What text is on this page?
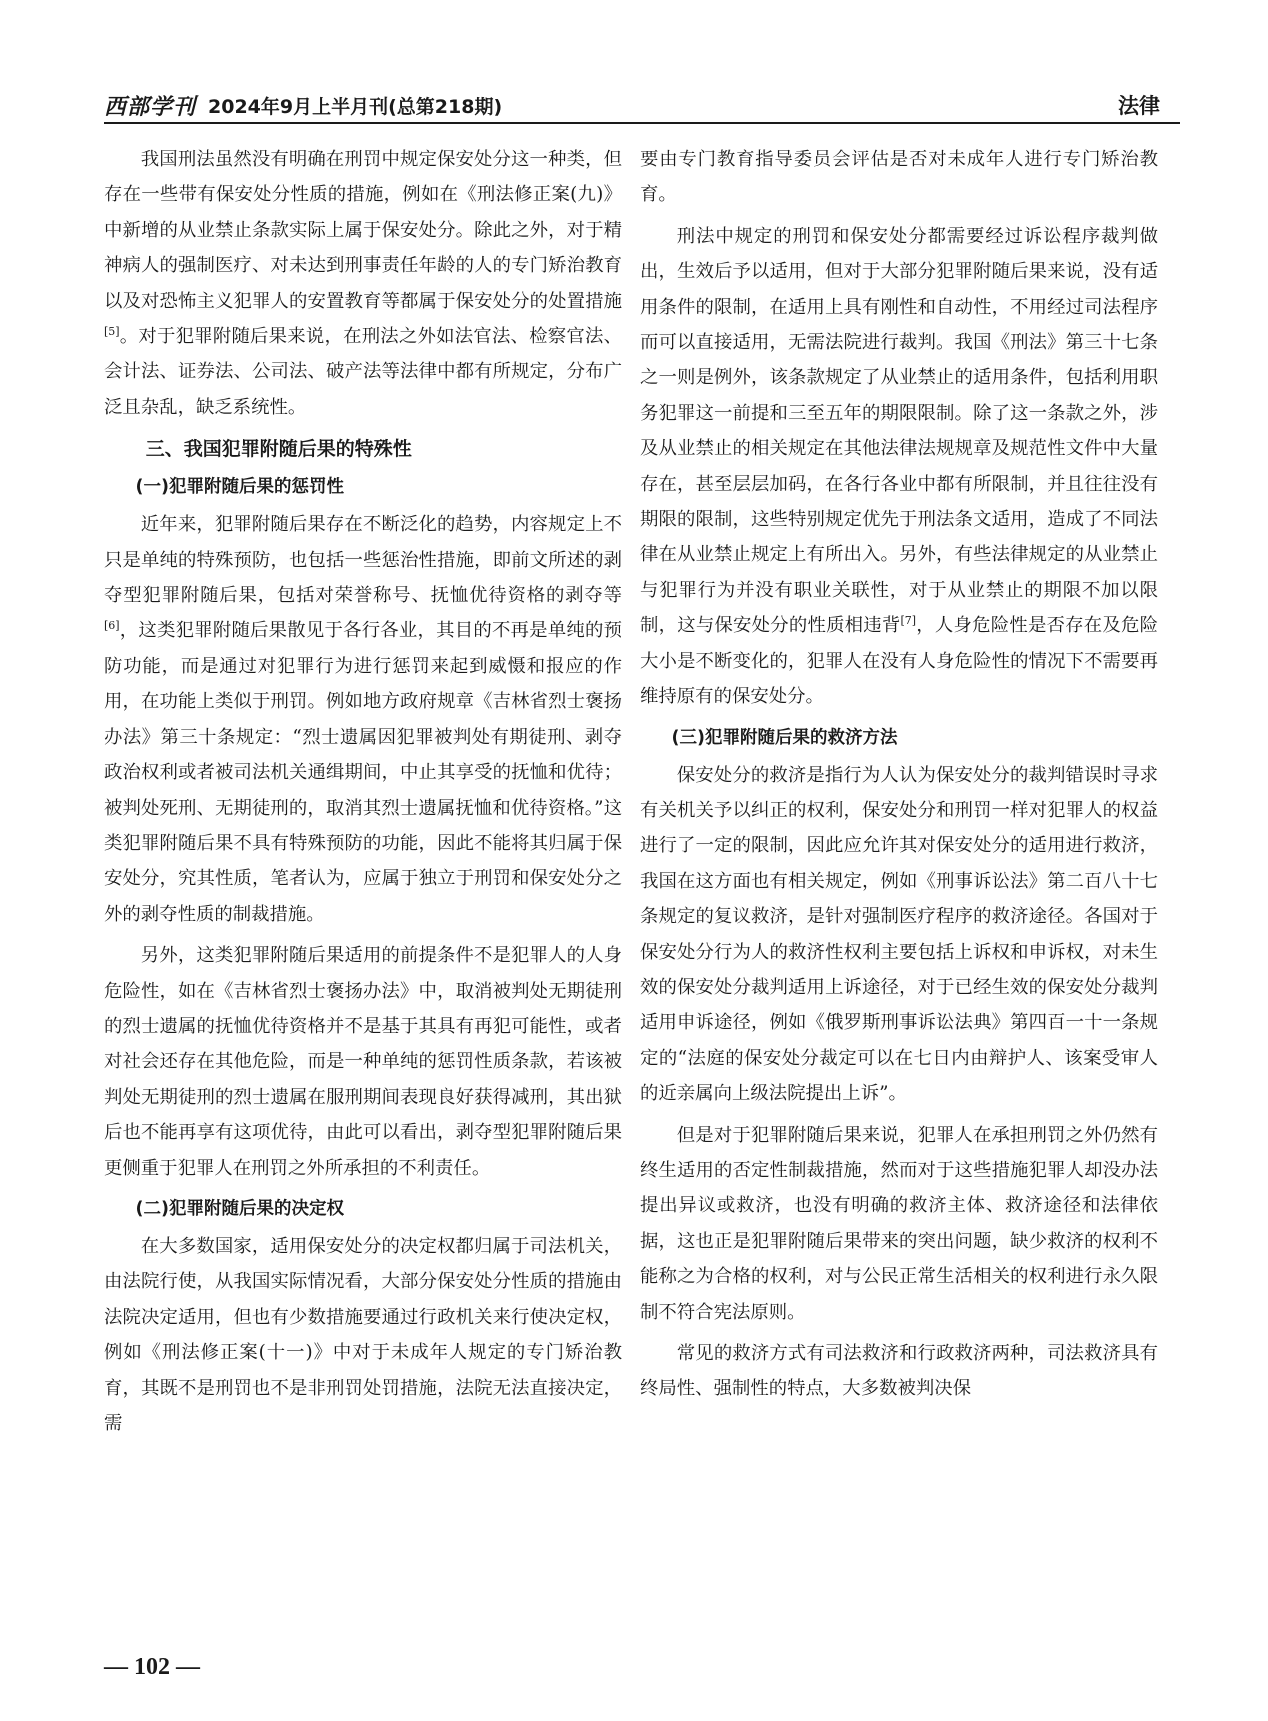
西部学刊 2024年9月上半月刊(总第218期)	法律

我国刑法虽然没有明确在刑罚中规定保安处分这一种类，但存在一些带有保安处分性质的措施，例如在《刑法修正案(九)》中新增的从业禁止条款实际上属于保安处分。除此之外，对于精神病人的强制医疗、对未达到刑事责任年龄的人的专门矫治教育以及对恐怖主义犯罪人的安置教育等都属于保安处分的处置措施[5]。对于犯罪附随后果来说，在刑法之外如法官法、检察官法、会计法、证券法、公司法、破产法等法律中都有所规定，分布广泛且杂乱，缺乏系统性。

三、我国犯罪附随后果的特殊性
(一)犯罪附随后果的惩罚性

近年来，犯罪附随后果存在不断泛化的趋势，内容规定上不只是单纯的特殊预防，也包括一些惩治性措施，即前文所述的剥夺型犯罪附随后果，包括对荣誉称号、抚恤优待资格的剥夺等[6]，这类犯罪附随后果散见于各行各业，其目的不再是单纯的预防功能，而是通过对犯罪行为进行惩罚来起到威慑和报应的作用，在功能上类似于刑罚。例如地方政府规章《吉林省烈士褒扬办法》第三十条规定：“烈士遗属因犯罪被判处有期徒刑、剥夺政治权利或者被司法机关通缉期间，中止其享受的抚恤和优待；被判处死刑、无期徒刑的，取消其烈士遗属抚恤和优待资格。”这类犯罪附随后果不具有特殊预防的功能，因此不能将其归属于保安处分，究其性质，笔者认为，应属于独立于刑罚和保安处分之外的剥夺性质的制裁措施。

另外，这类犯罪附随后果适用的前提条件不是犯罪人的人身危险性，如在《吉林省烈士褒扬办法》中，取消被判处无期徒刑的烈士遗属的抚恤优待资格并不是基于其具有再犯可能性，或者对社会还存在其他危险，而是一种单纯的惩罚性质条款，若该被判处无期徒刑的烈士遗属在服刑期间表现良好获得减刑，其出狱后也不能再享有这项优待，由此可以看出，剥夺型犯罪附随后果更侧重于犯罪人在刑罚之外所承担的不利责任。

(二)犯罪附随后果的决定权

在大多数国家，适用保安处分的决定权都归属于司法机关，由法院行使，从我国实际情况看，大部分保安处分性质的措施由法院决定适用，但也有少数措施要通过行政机关来行使决定权，例如《刑法修正案(十一)》中对于未成年人规定的专门矫治教育，其既不是刑罚也不是非刑罚处罚措施，法院无法直接决定，需

要由专门教育指导委员会评估是否对未成年人进行专门矫治教育。

刑法中规定的刑罚和保安处分都需要经过诉讼程序裁判做出，生效后予以适用，但对于大部分犯罪附随后果来说，没有适用条件的限制，在适用上具有刚性和自动性，不用经过司法程序而可以直接适用，无需法院进行裁判。我国《刑法》第三十七条之一则是例外，该条款规定了从业禁止的适用条件，包括利用职务犯罪这一前提和三至五年的期限限制。除了这一条款之外，涉及从业禁止的相关规定在其他法律法规规章及规范性文件中大量存在，甚至层层加码，在各行各业中都有所限制，并且往往没有期限的限制，这些特别规定优先于刑法条文适用，造成了不同法律在从业禁止规定上有所出入。另外，有些法律规定的从业禁止与犯罪行为并没有职业关联性，对于从业禁止的期限不加以限制，这与保安处分的性质相违背[7]，人身危险性是否存在及危险大小是不断变化的，犯罪人在没有人身危险性的情况下不需要再维持原有的保安处分。

(三)犯罪附随后果的救济方法

保安处分的救济是指行为人认为保安处分的裁判错误时寻求有关机关予以纠正的权利，保安处分和刑罚一样对犯罪人的权益进行了一定的限制，因此应允许其对保安处分的适用进行救济，我国在这方面也有相关规定，例如《刑事诉讼法》第二百八十七条规定的复议救济，是针对强制医疗程序的救济途径。各国对于保安处分行为人的救济性权利主要包括上诉权和申诉权，对未生效的保安处分裁判适用上诉途径，对于已经生效的保安处分裁判适用申诉途径，例如《俄罗斯刑事诉讼法典》第四百一十一条规定的“法庭的保安处分裁定可以在七日内由辩护人、该案受审人的近亲属向上级法院提出上诉”。

但是对于犯罪附随后果来说，犯罪人在承担刑罚之外仍然有终生适用的否定性制裁措施，然而对于这些措施犯罪人却没办法提出异议或救济，也没有明确的救济主体、救济途径和法律依据，这也正是犯罪附随后果带来的突出问题，缺少救济的权利不能称之为合格的权利，对与公民正常生活相关的权利进行永久限制不符合宪法原则。

常见的救济方式有司法救济和行政救济两种，司法救济具有终局性、强制性的特点，大多数被判决保

— 102 —
